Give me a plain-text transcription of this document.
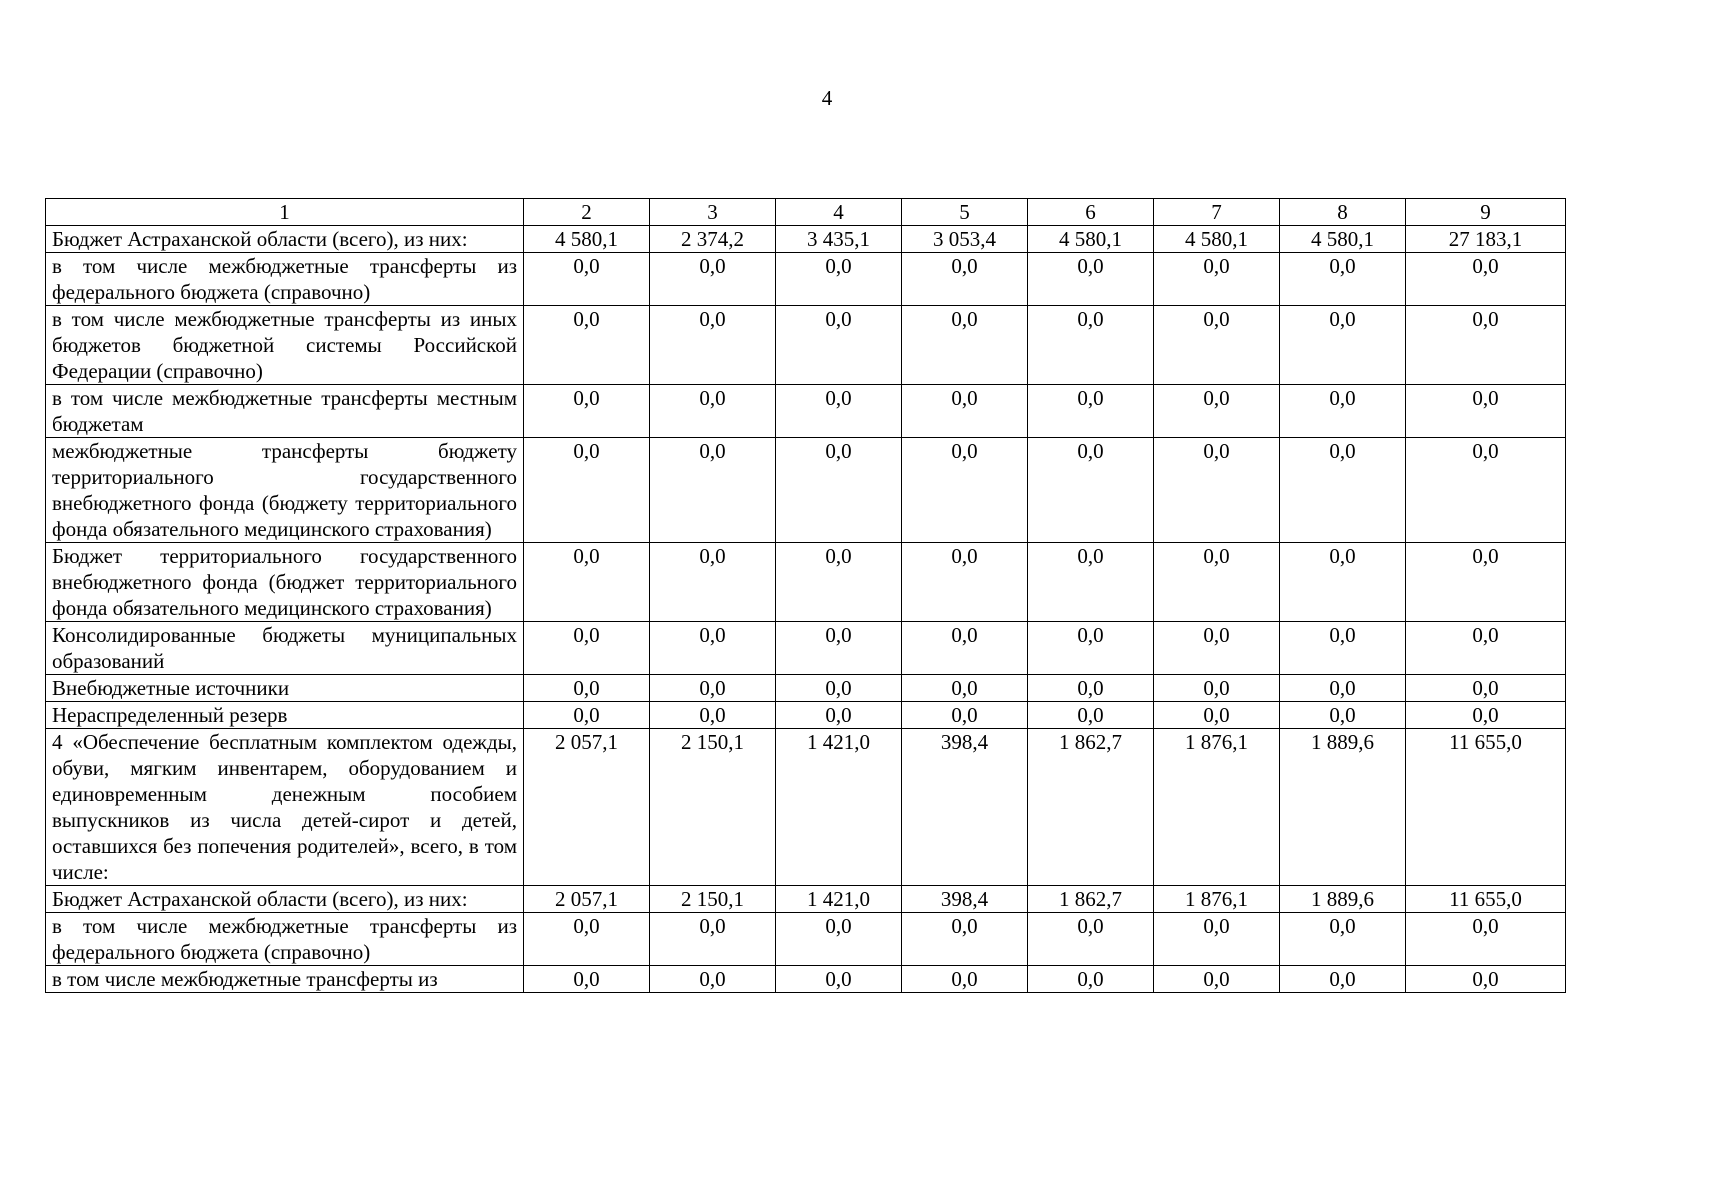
4
1	2	3	4	5	6	7	8	9
Бюджет Астраханской области (всего), из них:	4 580,1	2 374,2	3 435,1	3 053,4	4 580,1	4 580,1	4 580,1	27 183,1
в том числе межбюджетные трансферты из федерального бюджета (справочно)	0,0	0,0	0,0	0,0	0,0	0,0	0,0	0,0
в том числе межбюджетные трансферты из иных бюджетов бюджетной системы Российской Федерации (справочно)	0,0	0,0	0,0	0,0	0,0	0,0	0,0	0,0
в том числе межбюджетные трансферты местным бюджетам	0,0	0,0	0,0	0,0	0,0	0,0	0,0	0,0
межбюджетные трансферты бюджету территориального государственного внебюджетного фонда (бюджету территориального фонда обязательного медицинского страхования)	0,0	0,0	0,0	0,0	0,0	0,0	0,0	0,0
Бюджет территориального государственного внебюджетного фонда (бюджет территориального фонда обязательного медицинского страхования)	0,0	0,0	0,0	0,0	0,0	0,0	0,0	0,0
Консолидированные бюджеты муниципальных образований	0,0	0,0	0,0	0,0	0,0	0,0	0,0	0,0
Внебюджетные источники	0,0	0,0	0,0	0,0	0,0	0,0	0,0	0,0
Нераспределенный резерв	0,0	0,0	0,0	0,0	0,0	0,0	0,0	0,0
4 «Обеспечение бесплатным комплектом одежды, обуви, мягким инвентарем, оборудованием и единовременным денежным пособием выпускников из числа детей-сирот и детей, оставшихся без попечения родителей», всего, в том числе:	2 057,1	2 150,1	1 421,0	398,4	1 862,7	1 876,1	1 889,6	11 655,0
Бюджет Астраханской области (всего), из них:	2 057,1	2 150,1	1 421,0	398,4	1 862,7	1 876,1	1 889,6	11 655,0
в том числе межбюджетные трансферты из федерального бюджета (справочно)	0,0	0,0	0,0	0,0	0,0	0,0	0,0	0,0
в том числе межбюджетные трансферты из	0,0	0,0	0,0	0,0	0,0	0,0	0,0	0,0
